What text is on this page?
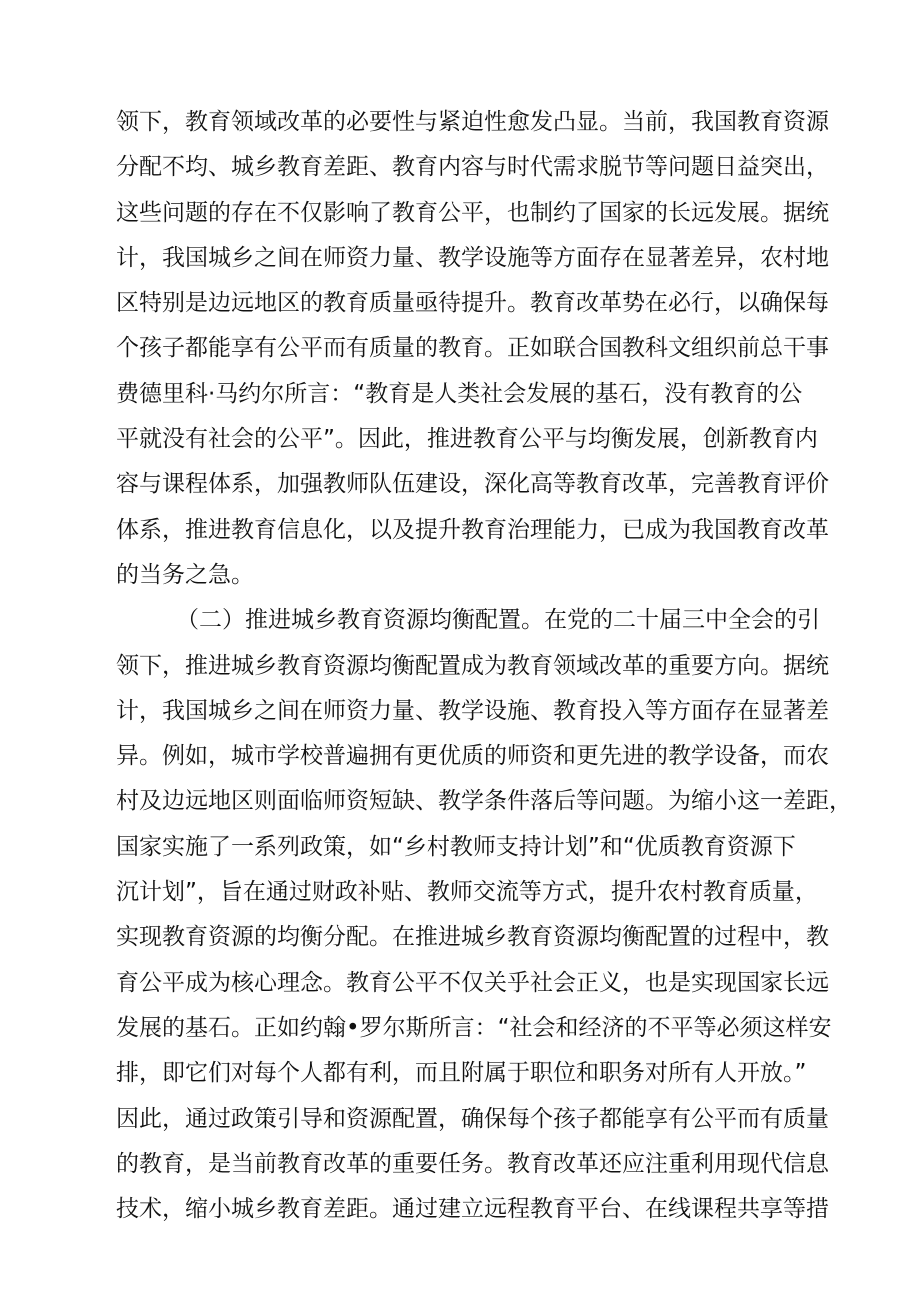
领下，教育领域改革的必要性与紧迫性愈发凸显。当前，我国教育资源
分配不均、城乡教育差距、教育内容与时代需求脱节等问题日益突出，
这些问题的存在不仅影响了教育公平，也制约了国家的长远发展。据统
计，我国城乡之间在师资力量、教学设施等方面存在显著差异，农村地
区特别是边远地区的教育质量亟待提升。教育改革势在必行，以确保每
个孩子都能享有公平而有质量的教育。正如联合国教科文组织前总干事
费德里科·马约尔所言：“教育是人类社会发展的基石，没有教育的公
平就没有社会的公平”。因此，推进教育公平与均衡发展，创新教育内
容与课程体系，加强教师队伍建设，深化高等教育改革，完善教育评价
体系，推进教育信息化，以及提升教育治理能力，已成为我国教育改革
的当务之急。
（二）推进城乡教育资源均衡配置。在党的二十届三中全会的引
领下，推进城乡教育资源均衡配置成为教育领域改革的重要方向。据统
计，我国城乡之间在师资力量、教学设施、教育投入等方面存在显著差
异。例如，城市学校普遍拥有更优质的师资和更先进的教学设备，而农
村及边远地区则面临师资短缺、教学条件落后等问题。为缩小这一差距，
国家实施了一系列政策，如“乡村教师支持计划”和“优质教育资源下
沉计划”，旨在通过财政补贴、教师交流等方式，提升农村教育质量，
实现教育资源的均衡分配。在推进城乡教育资源均衡配置的过程中，教
育公平成为核心理念。教育公平不仅关乎社会正义，也是实现国家长远
发展的基石。正如约翰•罗尔斯所言：“社会和经济的不平等必须这样安
排，即它们对每个人都有利，而且附属于职位和职务对所有人开放。”
因此，通过政策引导和资源配置，确保每个孩子都能享有公平而有质量
的教育，是当前教育改革的重要任务。教育改革还应注重利用现代信息
技术，缩小城乡教育差距。通过建立远程教育平台、在线课程共享等措
